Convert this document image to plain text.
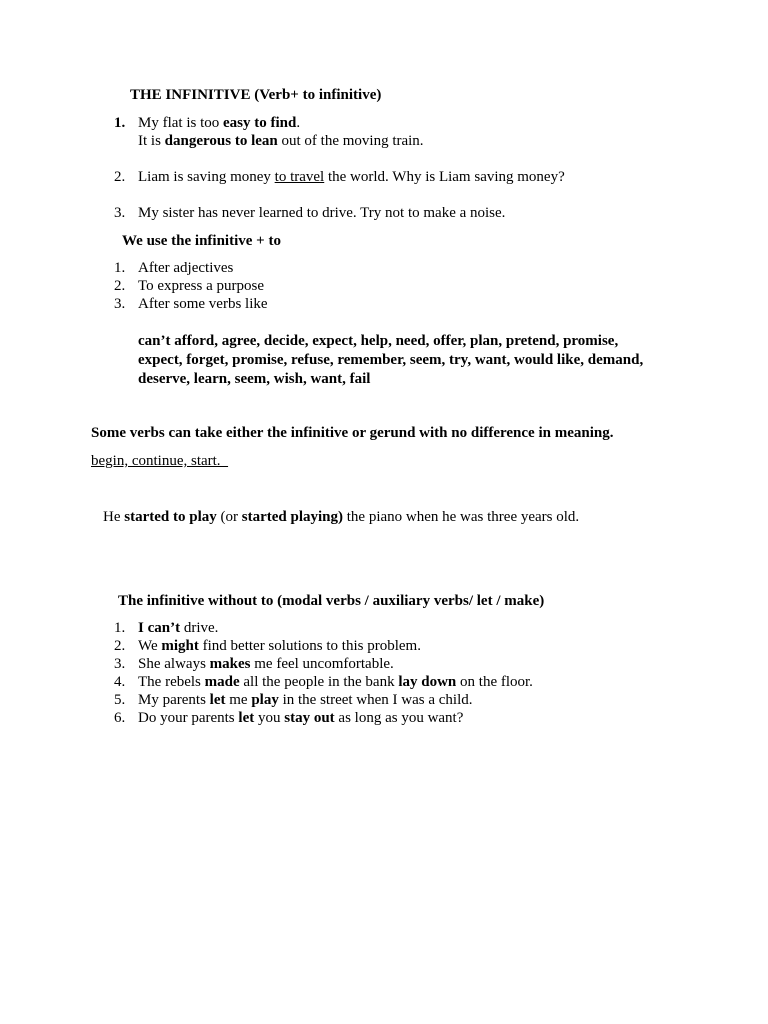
THE INFINITIVE (Verb+ to infinitive)
1. My flat is too easy to find.
It is dangerous to lean out of the moving train.
2. Liam is saving money to travel the world. Why is Liam saving money?
3. My sister has never learned to drive. Try not to make a noise.
We use the infinitive + to
1. After adjectives
2. To express a purpose
3. After some verbs like
can’t afford, agree, decide, expect, help, need, offer, plan, pretend, promise,
expect, forget, promise, refuse, remember, seem, try, want, would like, demand,
deserve, learn, seem, wish, want, fail
Some verbs can take either the infinitive or gerund with no difference in meaning.
begin, continue, start.
He started to play (or started playing) the piano when he was three years old.
The infinitive without to (modal verbs / auxiliary verbs/ let / make)
1. I can’t drive.
2. We might find better solutions to this problem.
3. She always makes me feel uncomfortable.
4. The rebels made all the people in the bank lay down on the floor.
5. My parents let me play in the street when I was a child.
6. Do your parents let you stay out as long as you want?
